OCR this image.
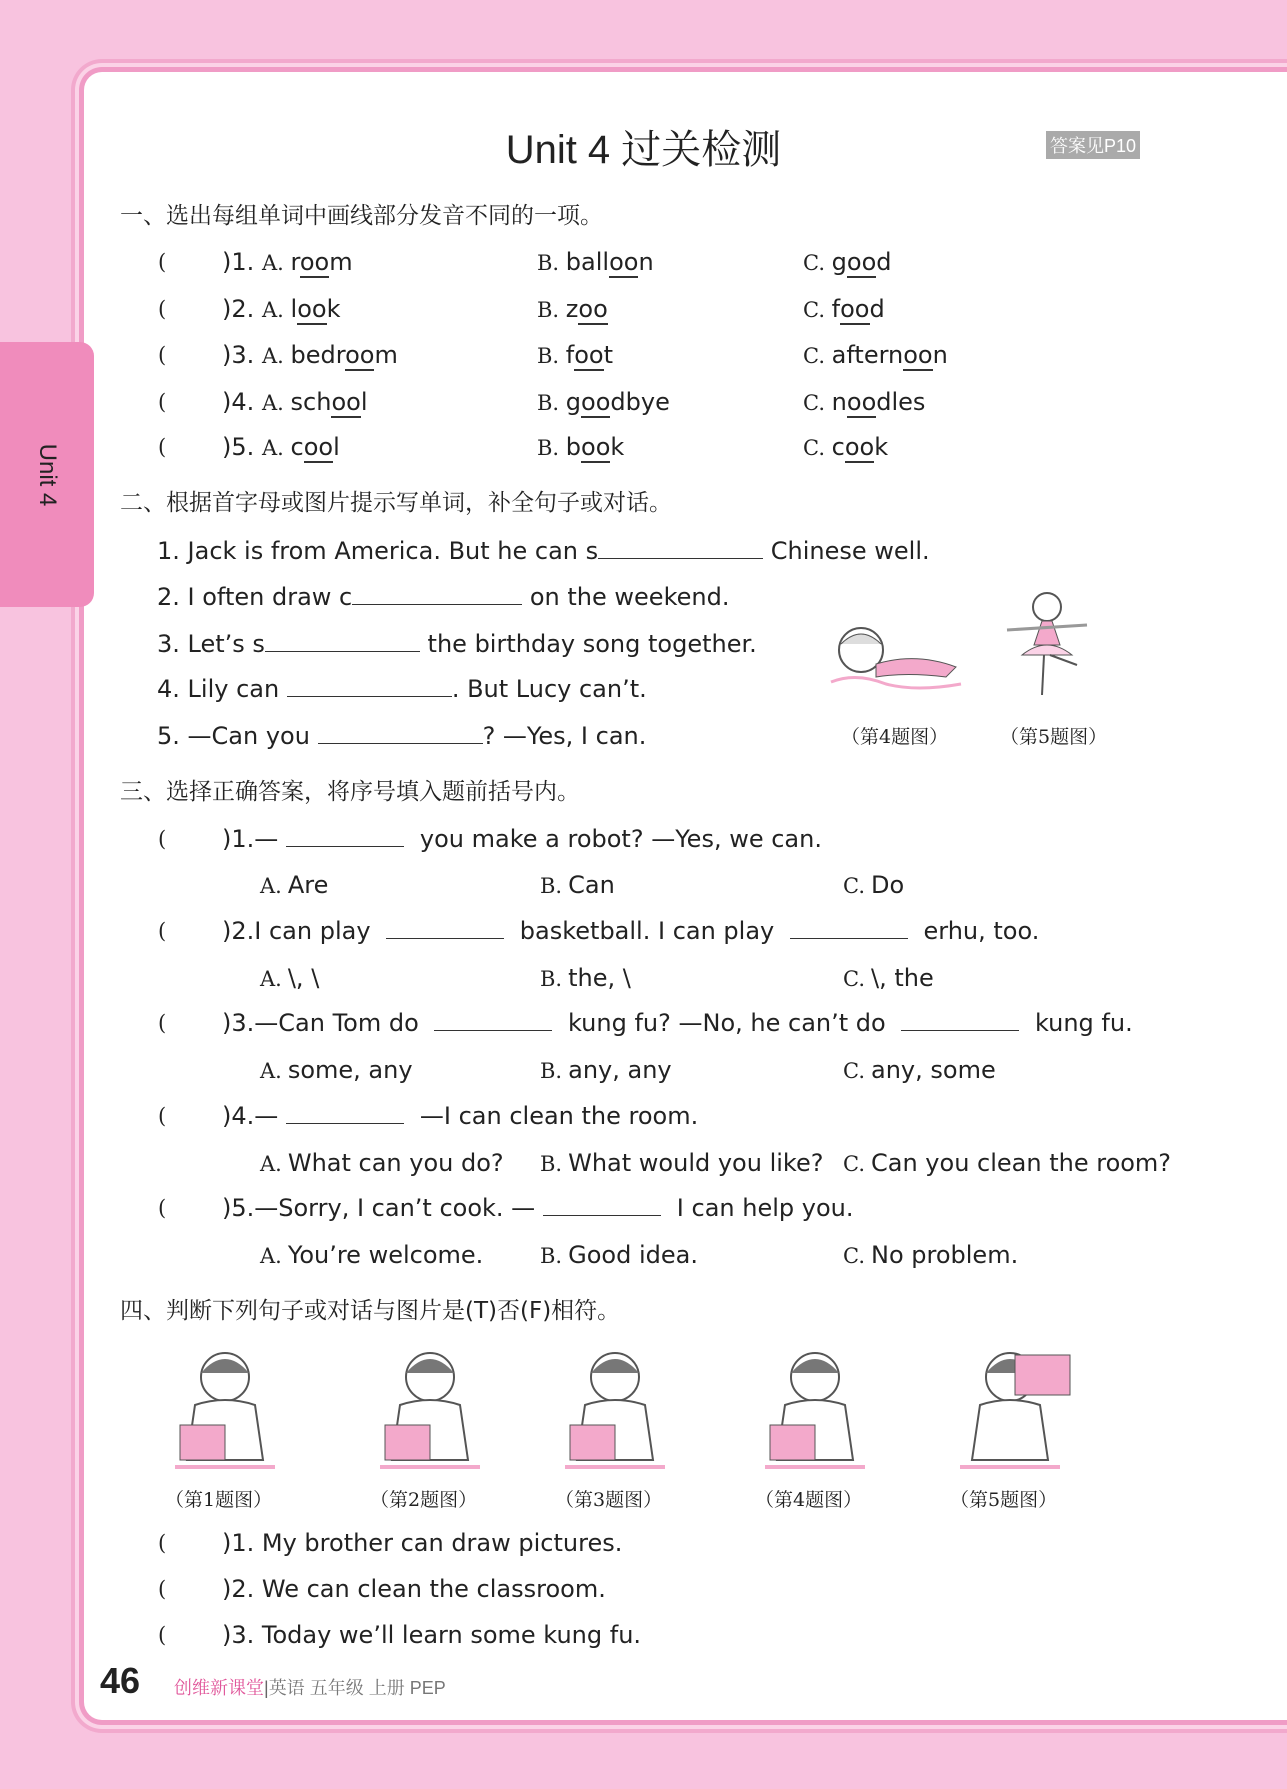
Unit 4
Unit 4 过关检测	答案见P10
一、选出每组单词中画线部分发音不同的一项。
( )1. A. room	B. balloon	C. good
( )2. A. look	B. zoo	C. food
( )3. A. bedroom	B. foot	C. afternoon
( )4. A. school	B. goodbye	C. noodles
( )5. A. cool	B. book	C. cook
二、根据首字母或图片提示写单词，补全句子或对话。
1. Jack is from America. But he can s	Chinese well.
2. I often draw c	on the weekend.
3. Let’s s	the birthday song together.
4. Lily can	. But Lucy can’t.
5. —Can you	? —Yes, I can.	（第4题图）	（第5题图）
三、选择正确答案，将序号填入题前括号内。
( )1.—	you make a robot? —Yes, we can.
A. Are	B. Can	C. Do
( )2.I can play	basketball. I can play	erhu, too.
A. \, \	B. the, \	C. \, the
( )3.—Can Tom do	kung fu? —No, he can’t do	kung fu.
A. some, any	B. any, any	C. any, some
( )4.—	—I can clean the room.
A. What can you do? B. What would you like? C. Can you clean the room?
( )5.—Sorry, I can’t cook. —	I can help you.
A. You’re welcome.	B. Good idea.	C. No problem.
四、判断下列句子或对话与图片是(T)否(F)相符。
（第1题图）	（第2题图）	（第3题图）	（第4题图）	（第5题图）
( )1. My brother can draw pictures.
( )2. We can clean the classroom.
( )3. Today we’ll learn some kung fu.
46 创维新课堂|英语 五年级 上册 PEP
